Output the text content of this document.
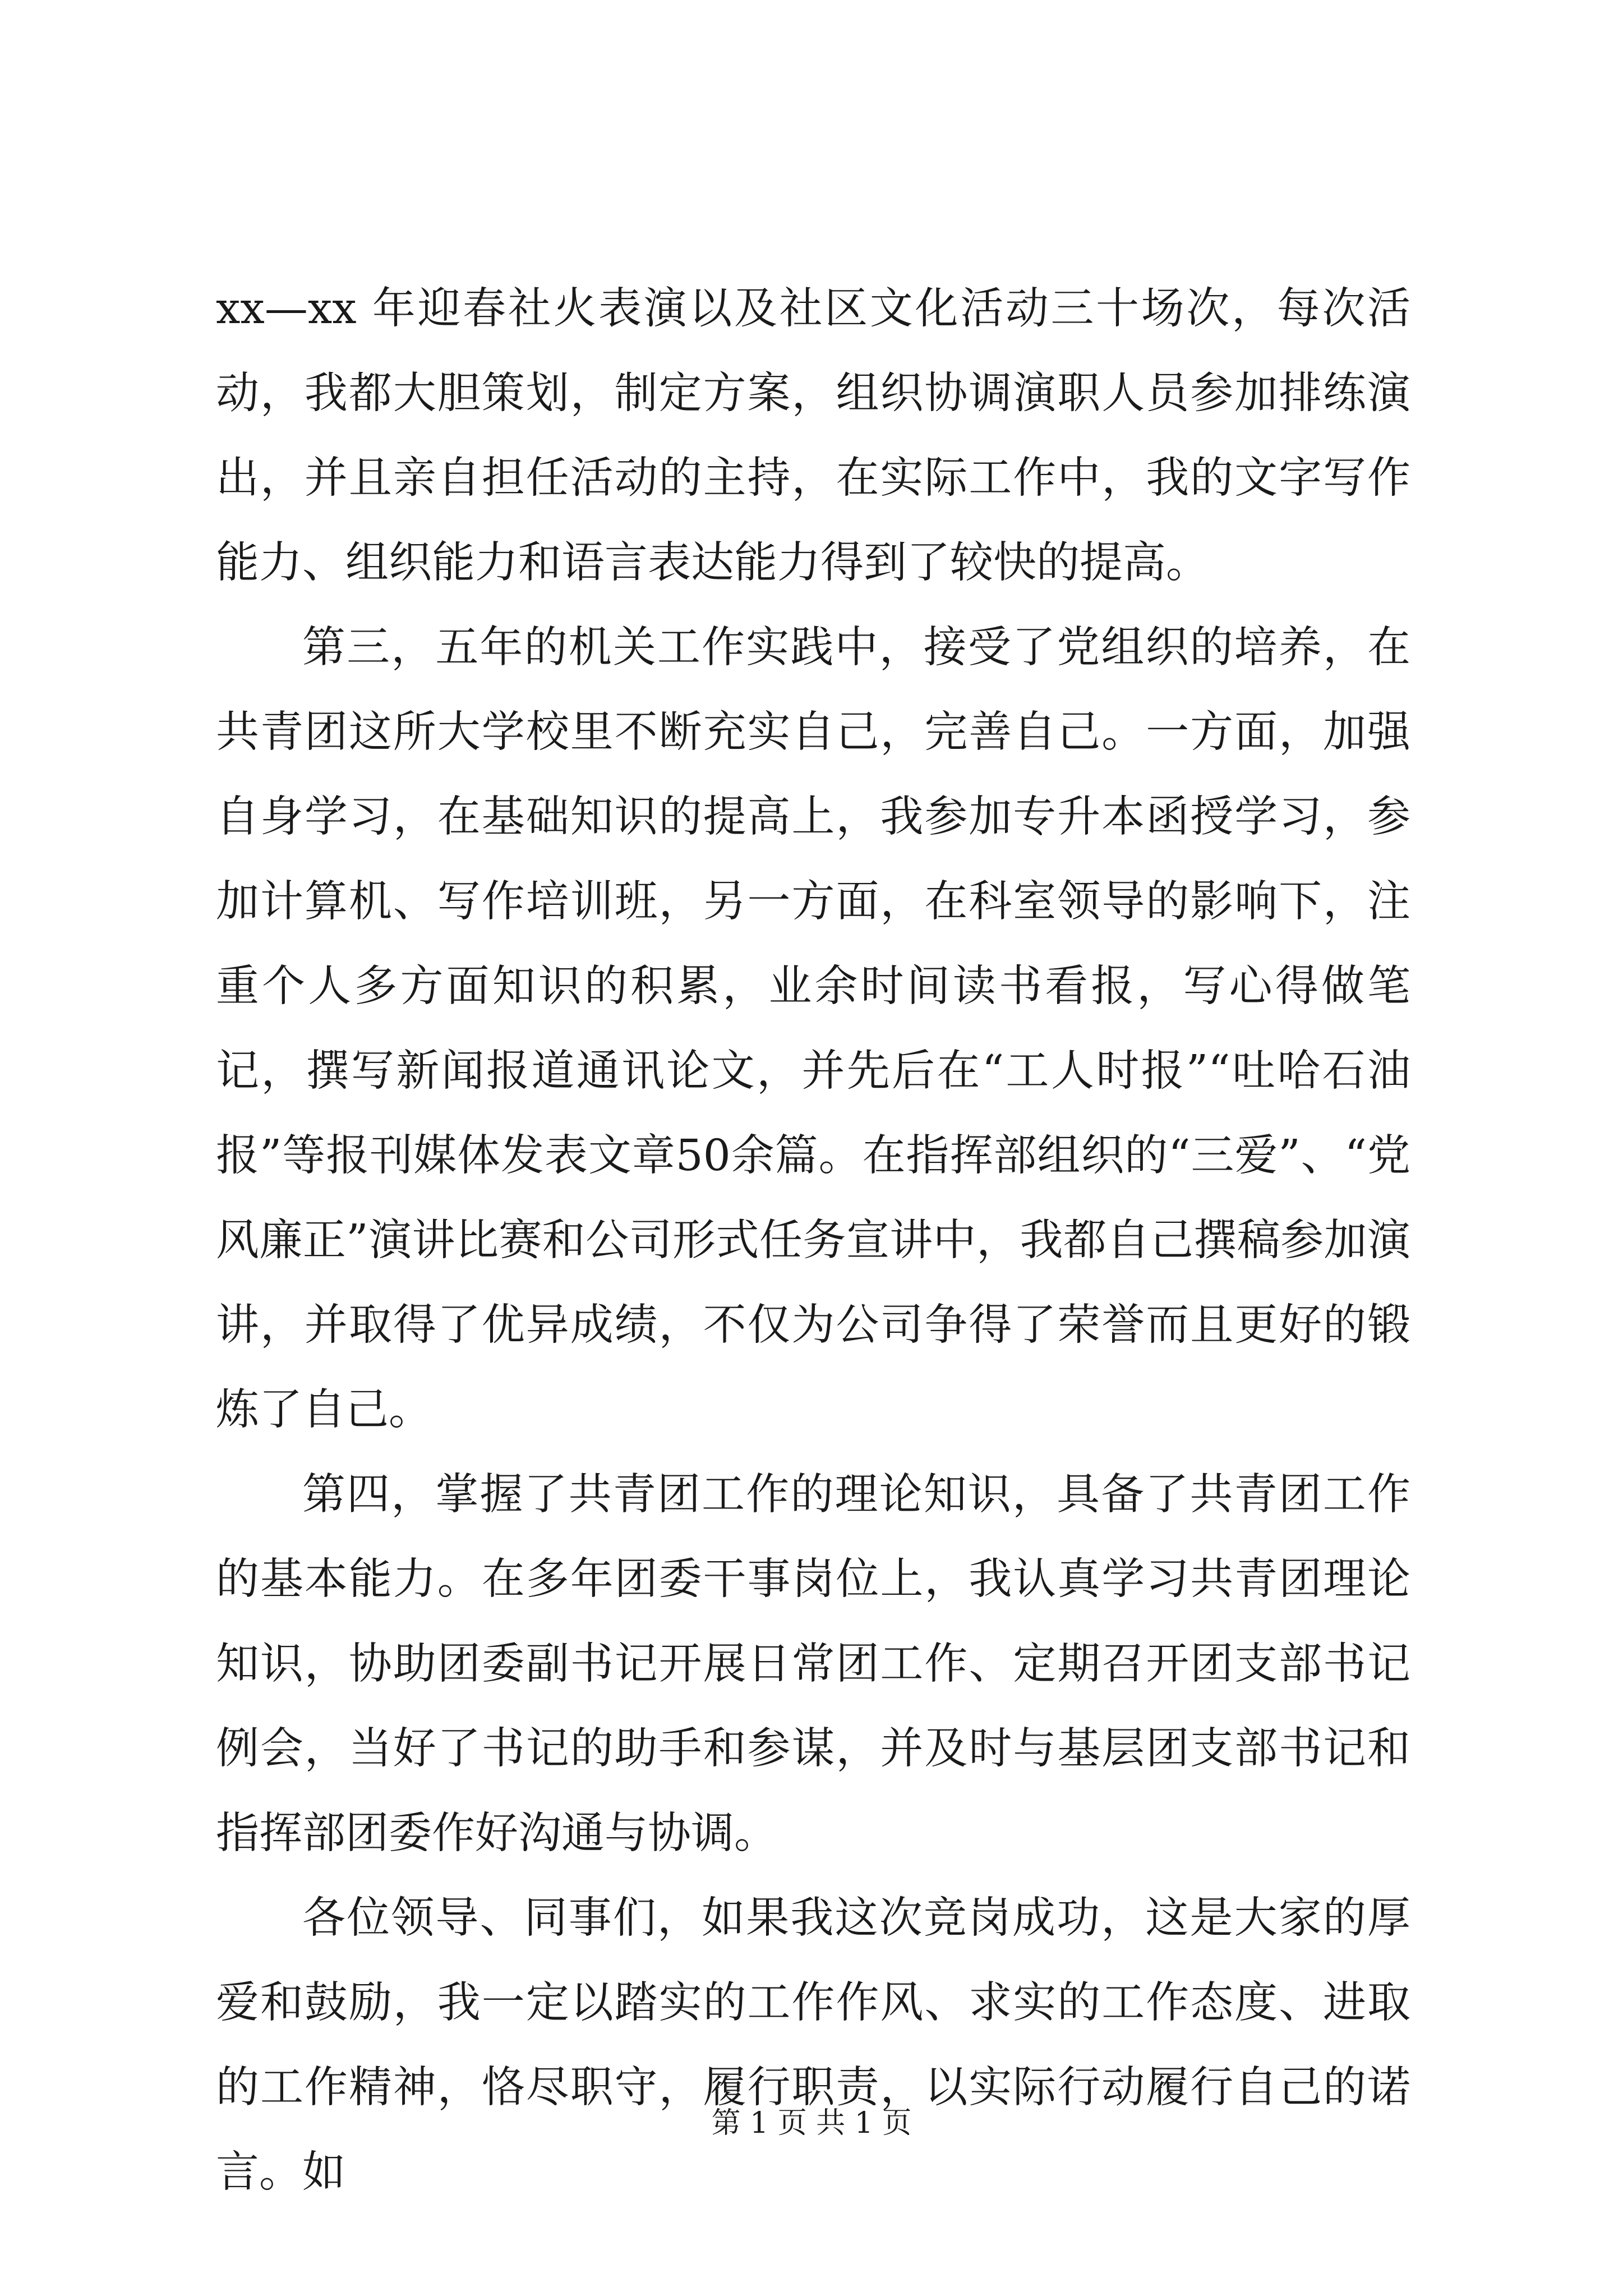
xx—xx 年迎春社火表演以及社区文化活动三十场次，每次活动，我都大胆策划，制定方案，组织协调演职人员参加排练演出，并且亲自担任活动的主持，在实际工作中，我的文字写作能力、组织能力和语言表达能力得到了较快的提高。

第三，五年的机关工作实践中，接受了党组织的培养，在共青团这所大学校里不断充实自己，完善自己。一方面，加强自身学习，在基础知识的提高上，我参加专升本函授学习，参加计算机、写作培训班，另一方面，在科室领导的影响下，注重个人多方面知识的积累，业余时间读书看报，写心得做笔记，撰写新闻报道通讯论文，并先后在“工人时报”“吐哈石油报”等报刊媒体发表文章50余篇。在指挥部组织的“三爱”、“党风廉正”演讲比赛和公司形式任务宣讲中，我都自己撰稿参加演讲，并取得了优异成绩，不仅为公司争得了荣誉而且更好的锻炼了自己。

第四，掌握了共青团工作的理论知识，具备了共青团工作的基本能力。在多年团委干事岗位上，我认真学习共青团理论知识，协助团委副书记开展日常团工作、定期召开团支部书记例会，当好了书记的助手和参谋，并及时与基层团支部书记和指挥部团委作好沟通与协调。

各位领导、同事们，如果我这次竞岗成功，这是大家的厚爱和鼓励，我一定以踏实的工作作风、求实的工作态度、进取的工作精神，恪尽职守，履行职责，以实际行动履行自己的诺言。如

第 1 页 共 1 页
